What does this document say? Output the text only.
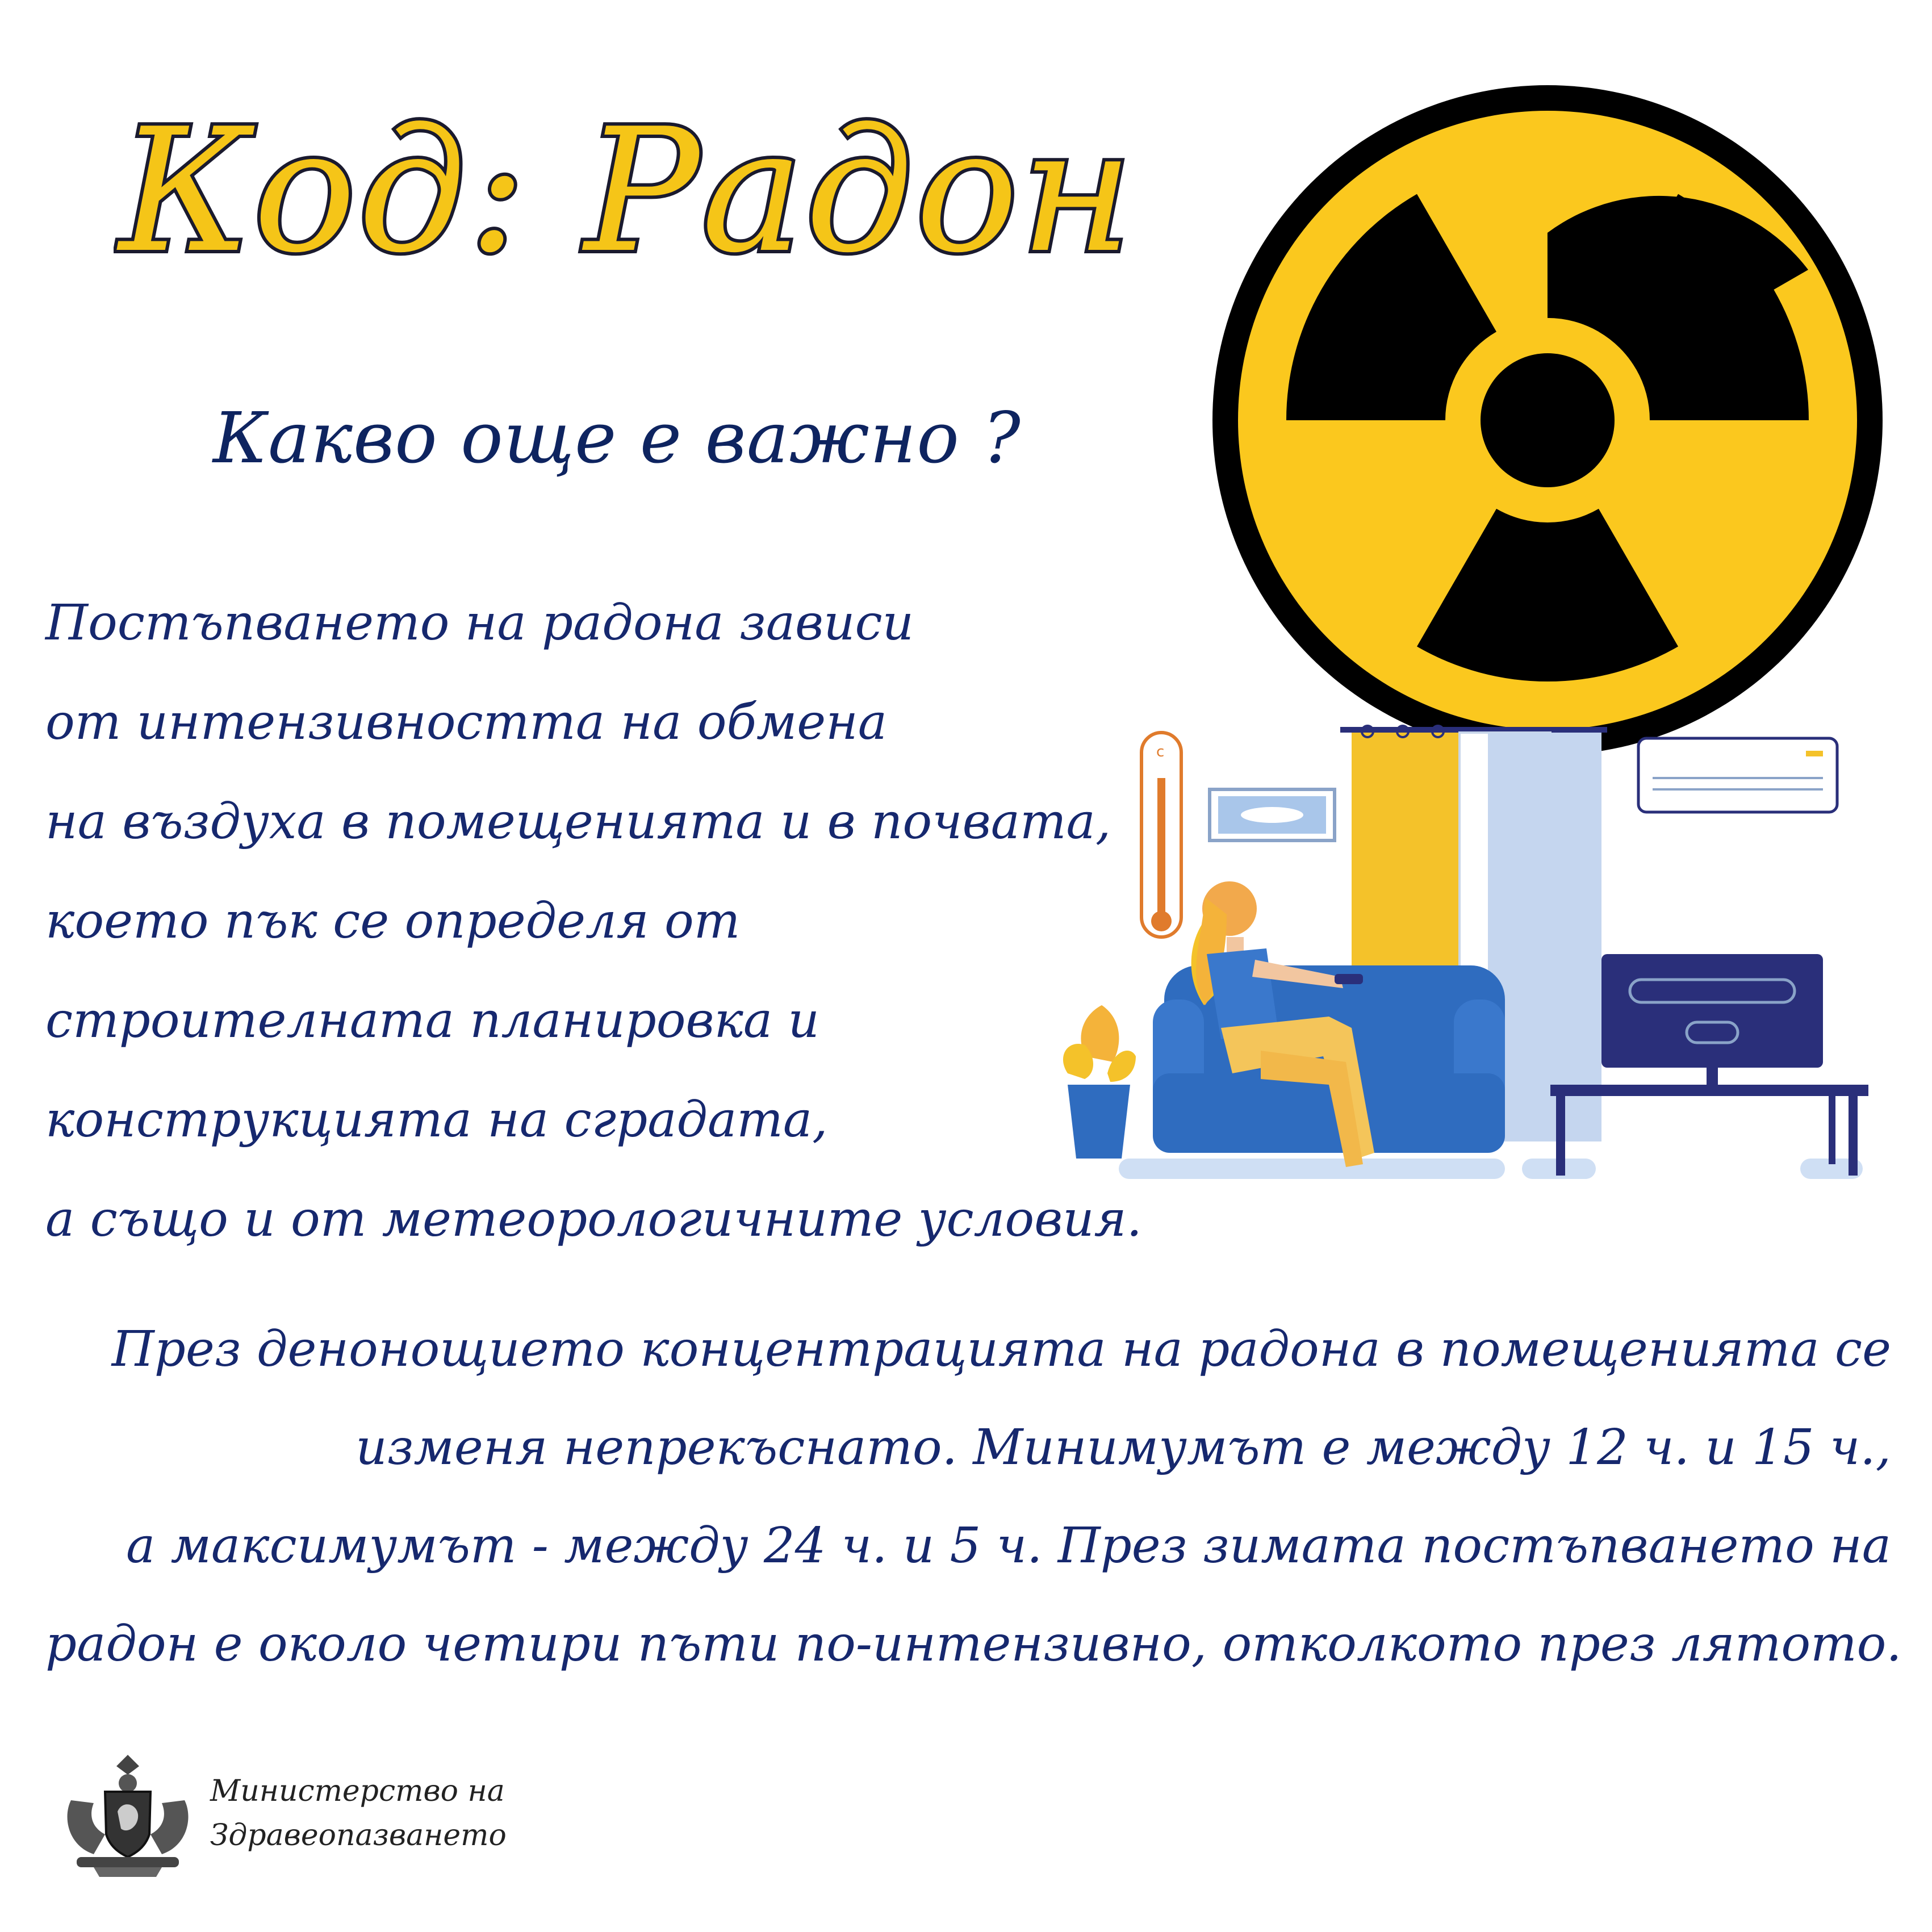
Код: Радон
Какво още е важно ?
Постъпването на радона зависи
от интензивността на обмена
на въздуха в помещенията и в почвата,
което пък се определя от
строителната планировка и
конструкцията на сградата,
а също и от метеорологичните условия.
През денонощието концентрацията на радона в помещенията се
изменя непрекъснато. Минимумът е между 12 ч. и 15 ч.,
а максимумът - между 24 ч. и 5 ч. През зимата постъпването на
радон е около четири пъти по-интензивно, отколкото през лятото.
c
Министерство на
Здравеопазването
